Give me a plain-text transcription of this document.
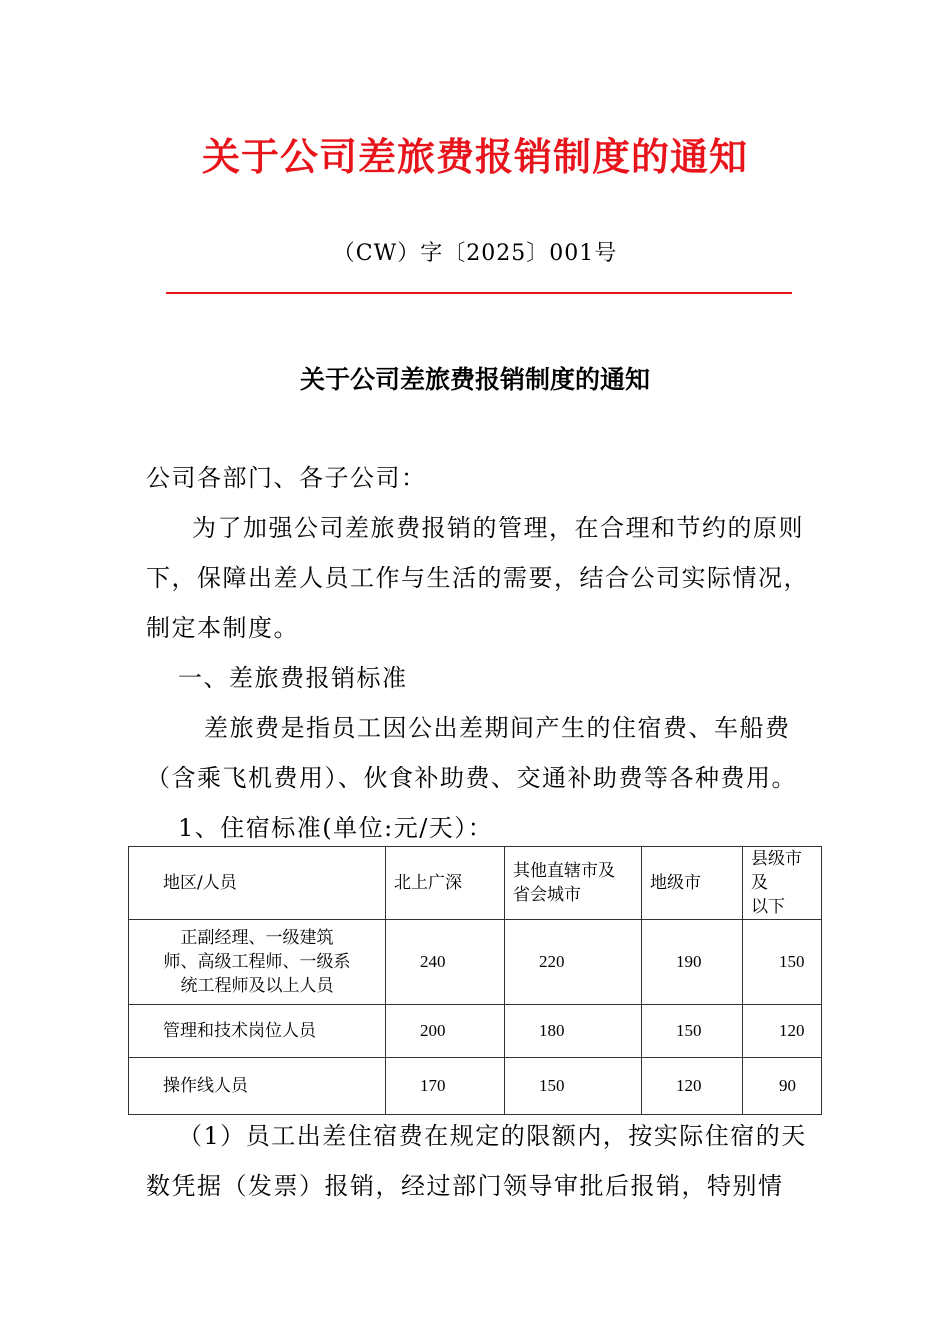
关于公司差旅费报销制度的通知
（CW）字〔2025〕001号
关于公司差旅费报销制度的通知
公司各部门、各子公司：
为了加强公司差旅费报销的管理，在合理和节约的原则
下，保障出差人员工作与生活的需要，结合公司实际情况，
制定本制度。
一、差旅费报销标准
差旅费是指员工因公出差期间产生的住宿费、车船费
（含乘飞机费用）、伙食补助费、交通补助费等各种费用。
1、住宿标准(单位:元/天）：
地区/人员	北上广深	其他直辖市及
省会城市	地级市	县级市及
以下
正副经理、一级建筑
师、高级工程师、一级系
统工程师及以上人员	240	220	190	150
管理和技术岗位人员	200	180	150	120
操作线人员	170	150	120	90
（1）员工出差住宿费在规定的限额内，按实际住宿的天
数凭据（发票）报销，经过部门领导审批后报销，特别情
